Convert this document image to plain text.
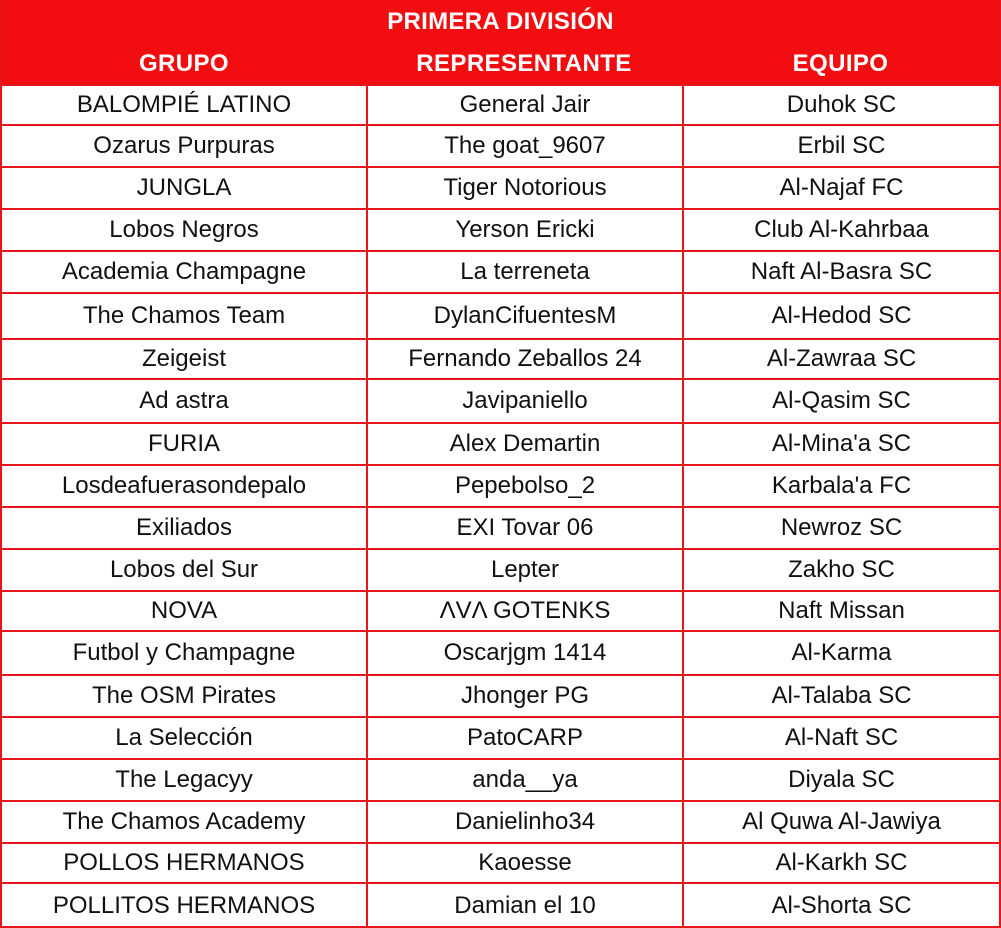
PRIMERA DIVISIÓN
GRUPO	REPRESENTANTE	EQUIPO
BALOMPIÉ LATINO	General Jair	Duhok SC
Ozarus Purpuras	The goat_9607	Erbil SC
JUNGLA	Tiger Notorious	Al-Najaf FC
Lobos Negros	Yerson Ericki	Club Al-Kahrbaa
Academia Champagne	La terreneta	Naft Al-Basra SC
The Chamos Team	DylanCifuentesM	Al-Hedod SC
Zeigeist	Fernando Zeballos 24	Al-Zawraa SC
Ad astra	Javipaniello	Al-Qasim SC
FURIA	Alex Demartin	Al-Mina'a SC
Losdeafuerasondepalo	Pepebolso_2	Karbala'a FC
Exiliados	EXI Tovar 06	Newroz SC
Lobos del Sur	Lepter	Zakho SC
NOVA	ΛVΛ GOTENKS	Naft Missan
Futbol y Champagne	Oscarjgm 1414	Al-Karma
The OSM Pirates	Jhonger PG	Al-Talaba SC
La Selección	PatoCARP	Al-Naft SC
The Legacyy	anda__ya	Diyala SC
The Chamos Academy	Danielinho34	Al Quwa Al-Jawiya
POLLOS HERMANOS	Kaoesse	Al-Karkh SC
POLLITOS HERMANOS	Damian el 10	Al-Shorta SC
